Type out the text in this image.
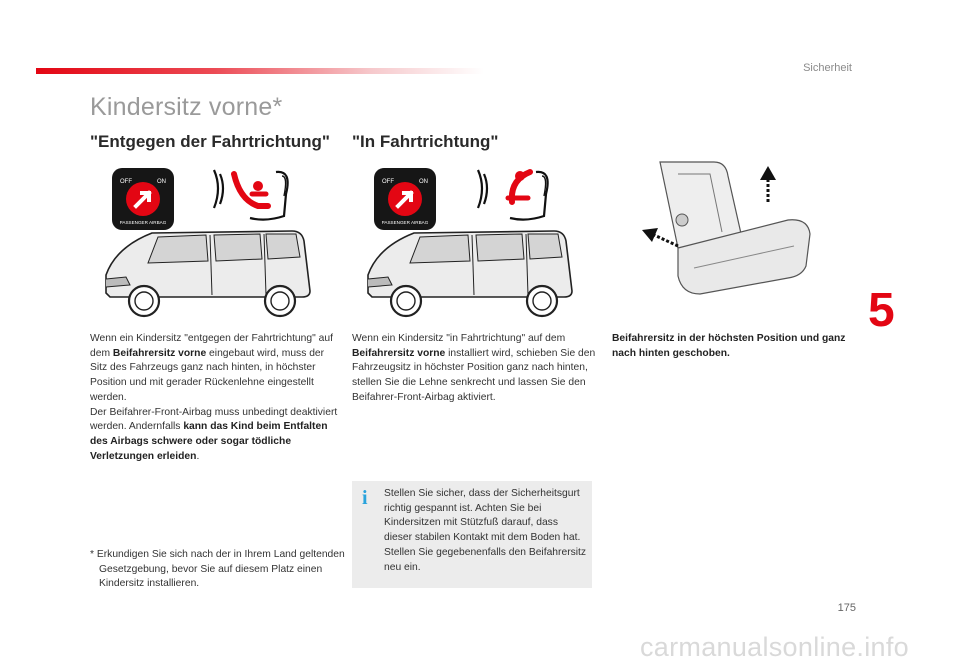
Sicherheit
Kindersitz vorne*
"Entgegen der Fahrtrichtung" "In Fahrtrichtung"
OFF	ON
PASSENGER AIRBAG
OFF	ON
PASSENGER AIRBAG
5
Wenn ein Kindersitz "entgegen der Fahrtrichtung" auf dem Beifahrersitz vorne eingebaut wird, muss der Sitz des Fahrzeugs ganz nach hinten, in höchster Position und mit gerader Rückenlehne eingestellt werden.
Der Beifahrer-Front-Airbag muss unbedingt deaktiviert werden. Andernfalls kann das Kind beim Entfalten des Airbags schwere oder sogar tödliche Verletzungen erleiden.
Wenn ein Kindersitz "in Fahrtrichtung" auf dem Beifahrersitz vorne installiert wird, schieben Sie den Fahrzeugsitz in höchster Position ganz nach hinten, stellen Sie die Lehne senkrecht und lassen Sie den Beifahrer-Front-Airbag aktiviert.
Beifahrersitz in der höchsten Position und ganz nach hinten geschoben.
i Stellen Sie sicher, dass der Sicherheitsgurt richtig gespannt ist. Achten Sie bei Kindersitzen mit Stützfuß darauf, dass dieser stabilen Kontakt mit dem Boden hat. Stellen Sie gegebenenfalls den Beifahrersitz neu ein.
* Erkundigen Sie sich nach der in Ihrem Land geltenden Gesetzgebung, bevor Sie auf diesem Platz einen Kindersitz installieren.
175
carmanualsonline.info
